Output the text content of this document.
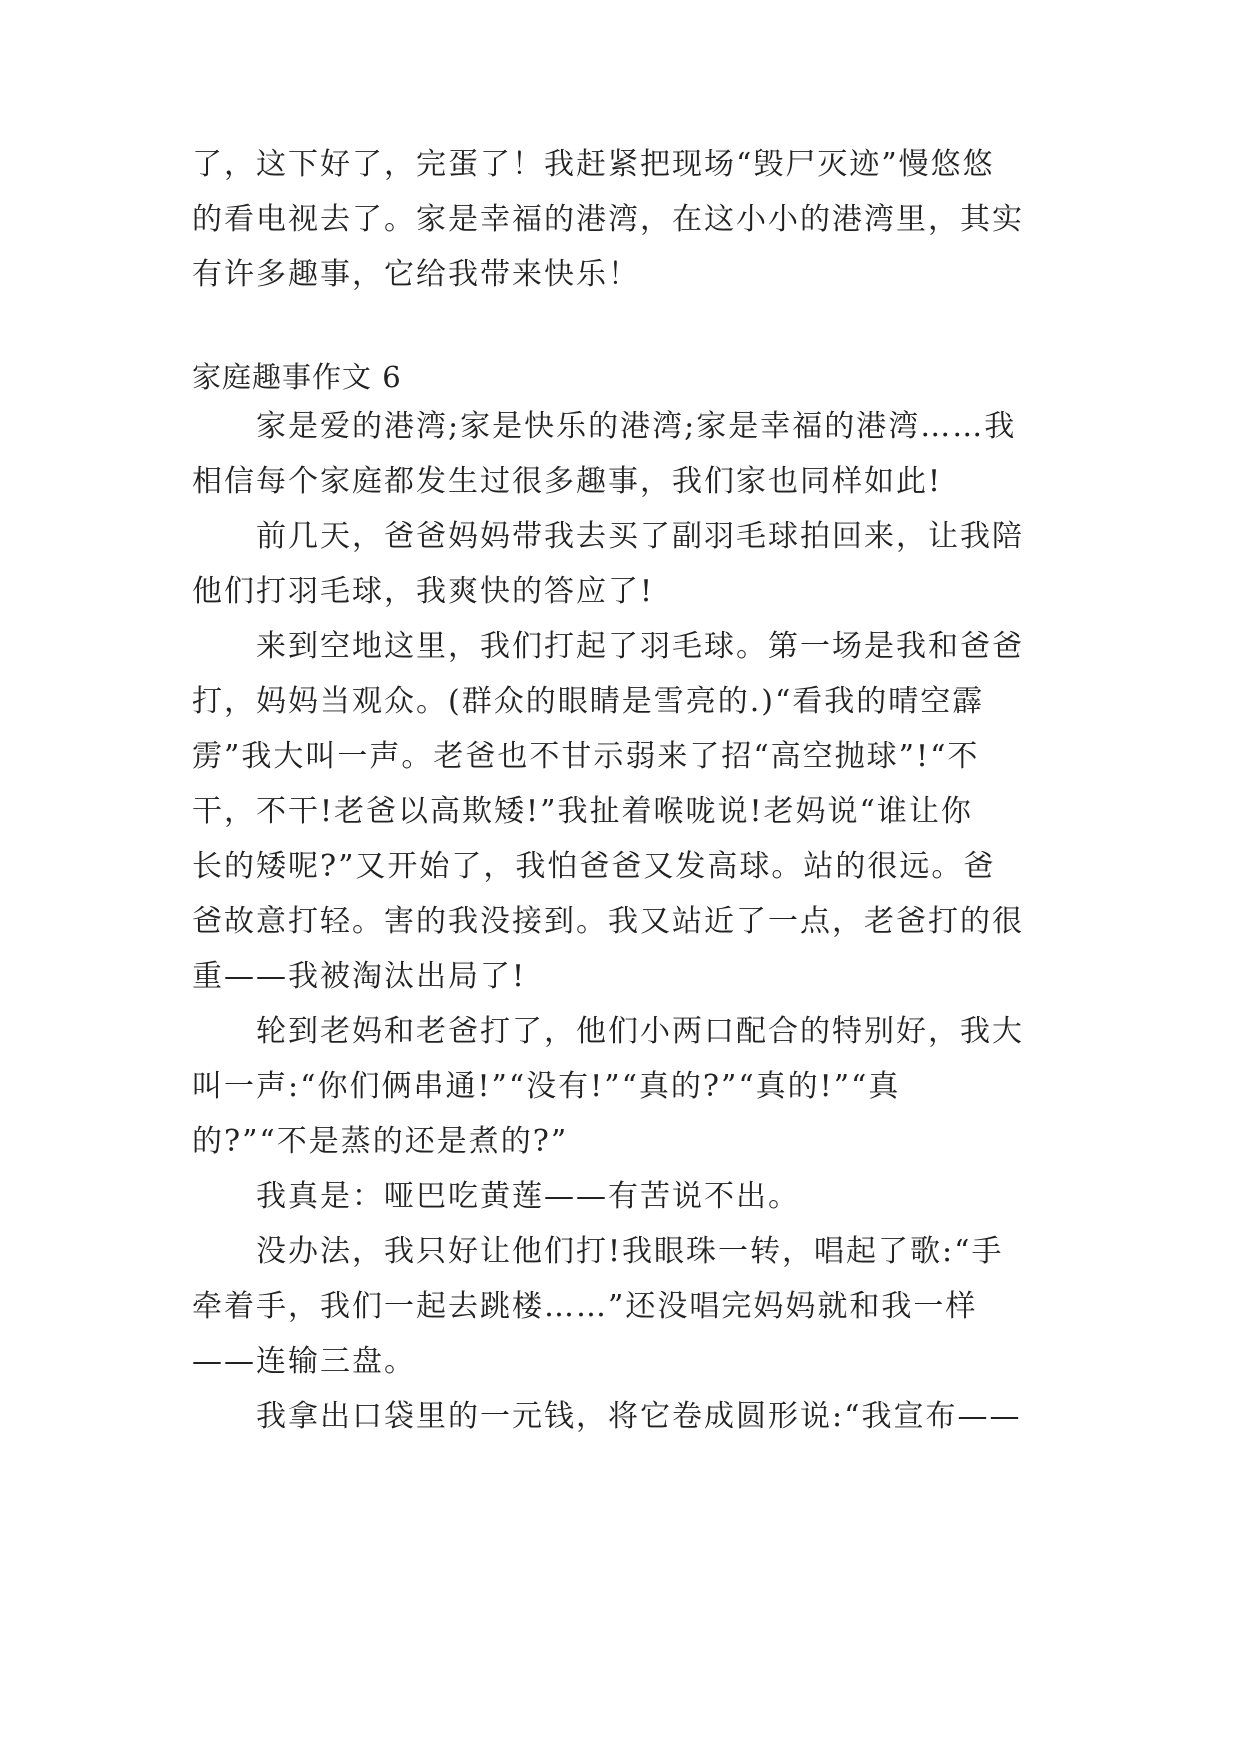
了，这下好了，完蛋了！我赶紧把现场“毁尸灭迹”慢悠悠
的看电视去了。家是幸福的港湾，在这小小的港湾里，其实
有许多趣事，它给我带来快乐！
家庭趣事作文 6
家是爱的港湾;家是快乐的港湾;家是幸福的港湾……我
相信每个家庭都发生过很多趣事，我们家也同样如此!
前几天，爸爸妈妈带我去买了副羽毛球拍回来，让我陪
他们打羽毛球，我爽快的答应了!
来到空地这里，我们打起了羽毛球。第一场是我和爸爸
打，妈妈当观众。(群众的眼睛是雪亮的.)“看我的晴空霹
雳”我大叫一声。老爸也不甘示弱来了招“高空抛球”!“不
干，不干!老爸以高欺矮!”我扯着喉咙说!老妈说“谁让你
长的矮呢?”又开始了，我怕爸爸又发高球。站的很远。爸
爸故意打轻。害的我没接到。我又站近了一点，老爸打的很
重——我被淘汰出局了!
轮到老妈和老爸打了，他们小两口配合的特别好，我大
叫一声:“你们俩串通!”“没有!”“真的?”“真的!”“真
的?”“不是蒸的还是煮的?”
我真是：哑巴吃黄莲——有苦说不出。
没办法，我只好让他们打!我眼珠一转，唱起了歌:“手
牵着手，我们一起去跳楼……”还没唱完妈妈就和我一样
——连输三盘。
我拿出口袋里的一元钱，将它卷成圆形说:“我宣布——
